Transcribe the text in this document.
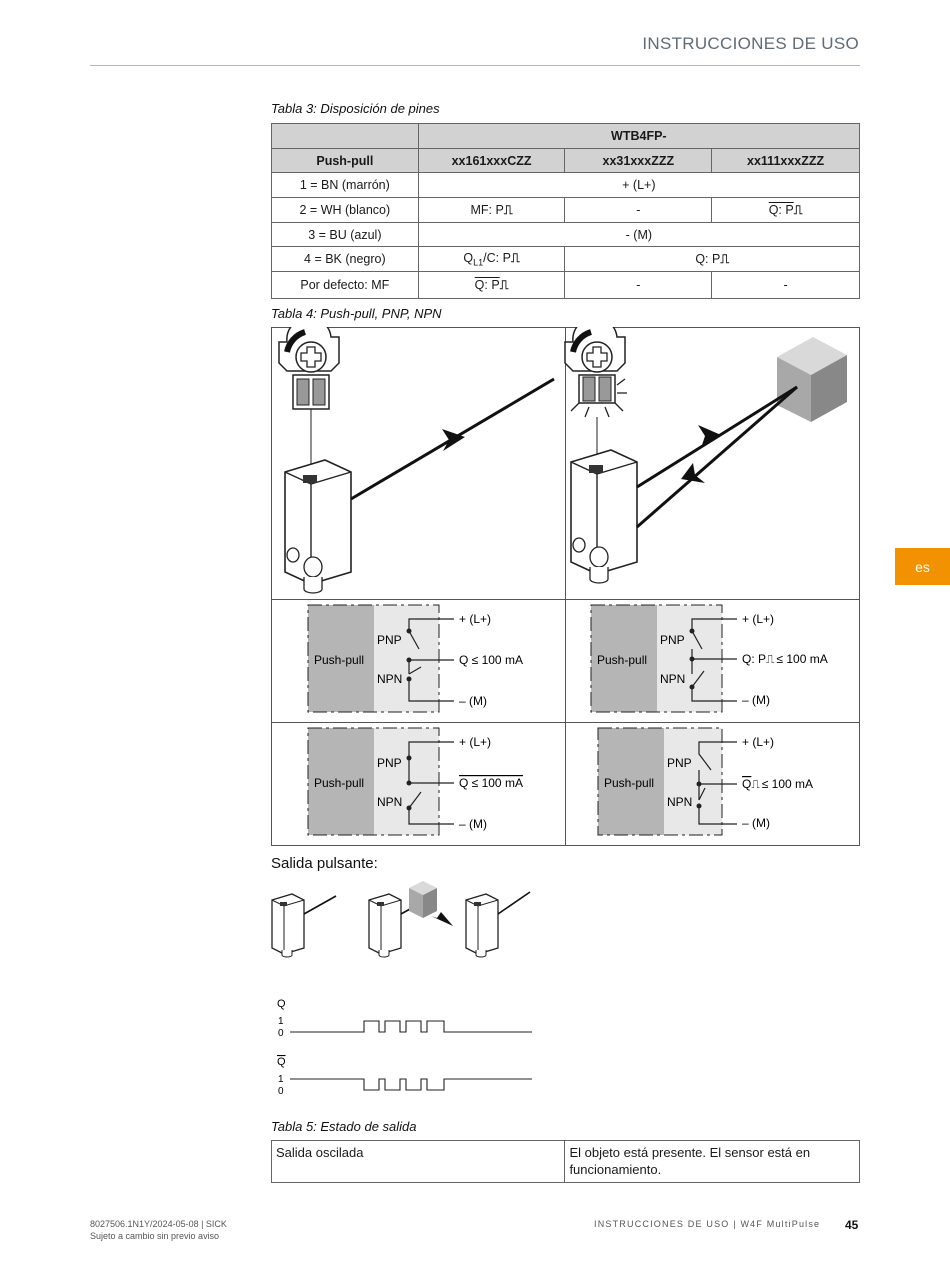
INSTRUCCIONES DE USO
es
Tabla 3: Disposición de pines
	WTB4FP-		
Push-pull	xx161xxxCZZ	xx31xxxZZZ	xx111xxxZZZ
1 = BN (marrón)	+ (L+)		
2 = WH (blanco)	MF: P⎍	-	Q: P⎍
3 = BU (azul)	- (M)		
4 = BK (negro)	$Q_{L1}/C$: P⎍	Q: P⎍	
Por defecto: MF	Q: P⎍	-	-
Tabla 4: Push-pull, PNP, NPN
Push-pull
PNP
NPN
+ (L+)
Q ≤ 100 mA
– (M)
Push-pull
PNP
NPN
+ (L+)
Q: P⎍ ≤ 100 mA
– (M)
Push-pull
PNP
NPN
+ (L+)
Q ≤ 100 mA
– (M)
Push-pull
PNP
NPN
+ (L+)
Q⎍ ≤ 100 mA
– (M)
Salida pulsante:
Q
1
0
Q
1
0
Tabla 5: Estado de salida
Salida oscilada	El objeto está presente. El sensor está en funcionamiento.
8027506.1N1Y/2024-05-08 | SICK
Sujeto a cambio sin previo aviso
INSTRUCCIONES DE USO | W4F MultiPulse 45
